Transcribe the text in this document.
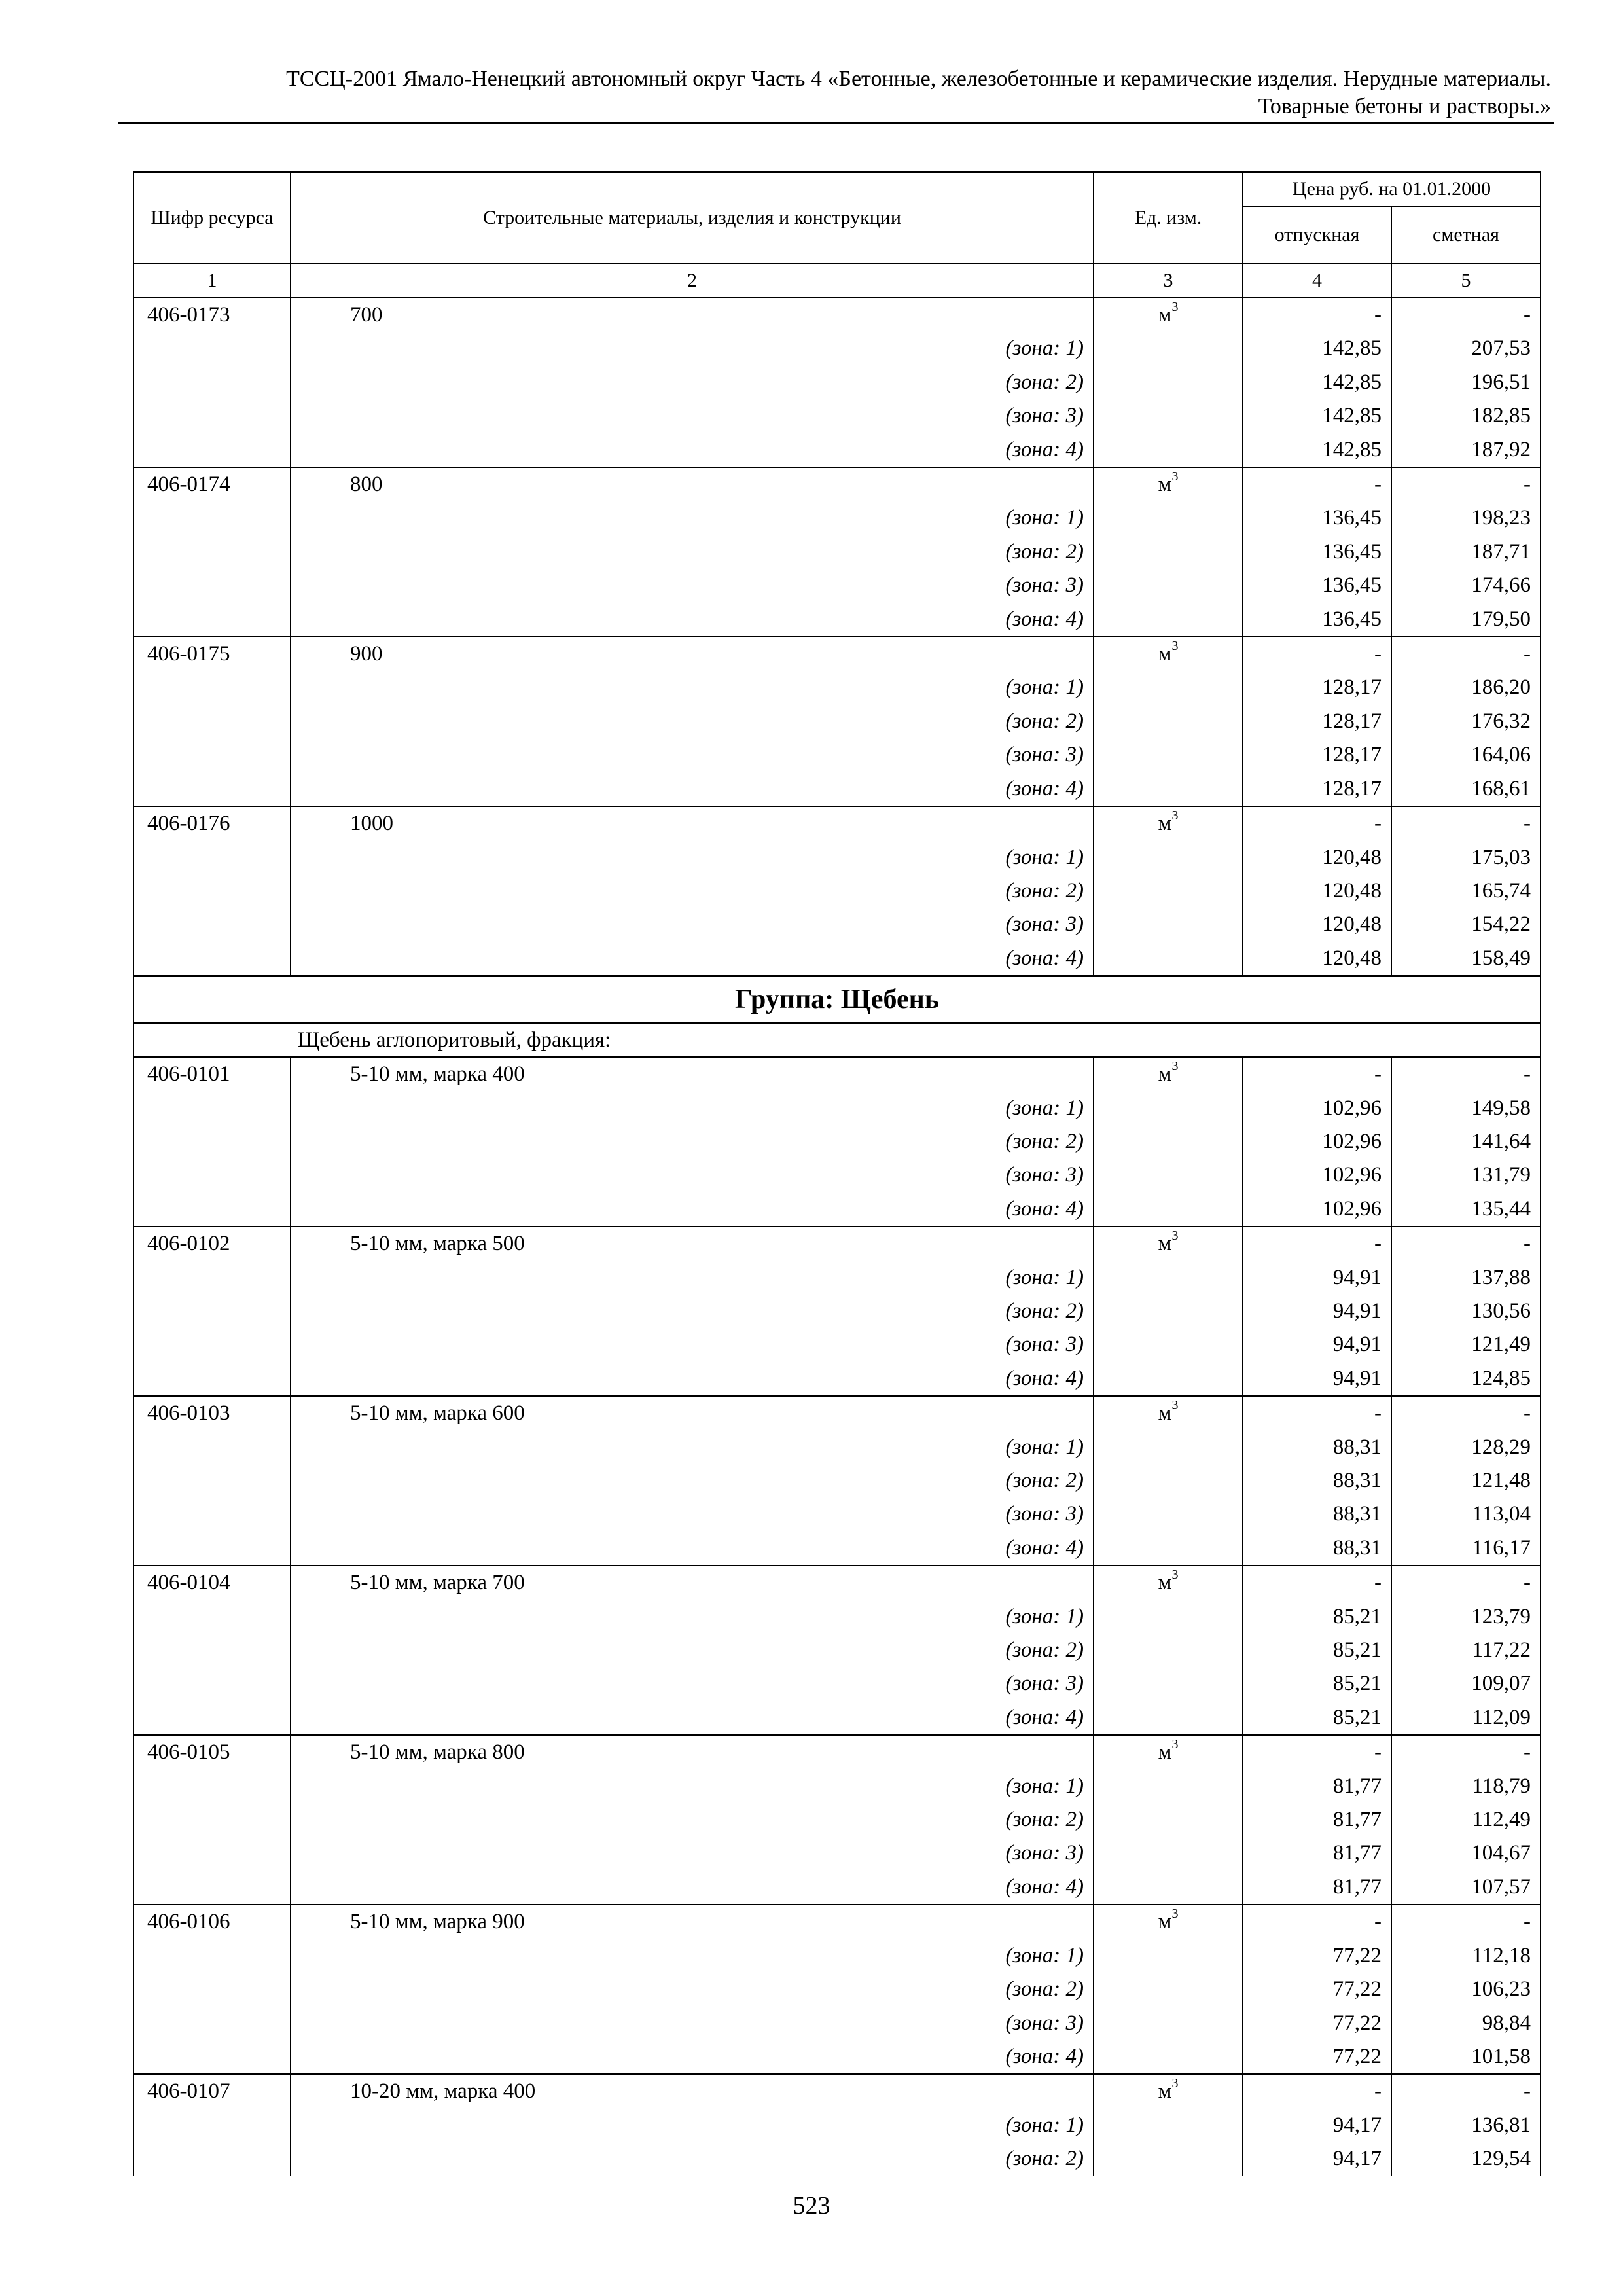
ТССЦ-2001 Ямало-Ненецкий автономный округ Часть 4 «Бетонные, железобетонные и керамические изделия. Нерудные материалы.
Товарные бетоны и растворы.»
Шифр ресурса	Строительные материалы, изделия и конструкции	Ед. изм.	Цена руб. на 01.01.2000	
			отпускная	сметная
1	2	3	4	5
406-0173	700	$м^3$	-	-
	(зона: 1)		142,85	207,53
	(зона: 2)		142,85	196,51
	(зона: 3)		142,85	182,85
	(зона: 4)		142,85	187,92
406-0174	800	$м^3$	-	-
	(зона: 1)		136,45	198,23
	(зона: 2)		136,45	187,71
	(зона: 3)		136,45	174,66
	(зона: 4)		136,45	179,50
406-0175	900	$м^3$	-	-
	(зона: 1)		128,17	186,20
	(зона: 2)		128,17	176,32
	(зона: 3)		128,17	164,06
	(зона: 4)		128,17	168,61
406-0176	1000	$м^3$	-	-
	(зона: 1)		120,48	175,03
	(зона: 2)		120,48	165,74
	(зона: 3)		120,48	154,22
	(зона: 4)		120,48	158,49
Группа: Щебень				
Щебень аглопоритовый, фракция:				
406-0101	5-10 мм, марка 400	$м^3$	-	-
	(зона: 1)		102,96	149,58
	(зона: 2)		102,96	141,64
	(зона: 3)		102,96	131,79
	(зона: 4)		102,96	135,44
406-0102	5-10 мм, марка 500	$м^3$	-	-
	(зона: 1)		94,91	137,88
	(зона: 2)		94,91	130,56
	(зона: 3)		94,91	121,49
	(зона: 4)		94,91	124,85
406-0103	5-10 мм, марка 600	$м^3$	-	-
	(зона: 1)		88,31	128,29
	(зона: 2)		88,31	121,48
	(зона: 3)		88,31	113,04
	(зона: 4)		88,31	116,17
406-0104	5-10 мм, марка 700	$м^3$	-	-
	(зона: 1)		85,21	123,79
	(зона: 2)		85,21	117,22
	(зона: 3)		85,21	109,07
	(зона: 4)		85,21	112,09
406-0105	5-10 мм, марка 800	$м^3$	-	-
	(зона: 1)		81,77	118,79
	(зона: 2)		81,77	112,49
	(зона: 3)		81,77	104,67
	(зона: 4)		81,77	107,57
406-0106	5-10 мм, марка 900	$м^3$	-	-
	(зона: 1)		77,22	112,18
	(зона: 2)		77,22	106,23
	(зона: 3)		77,22	98,84
	(зона: 4)		77,22	101,58
406-0107	10-20 мм, марка 400	$м^3$	-	-
	(зона: 1)		94,17	136,81
	(зона: 2)		94,17	129,54
523
